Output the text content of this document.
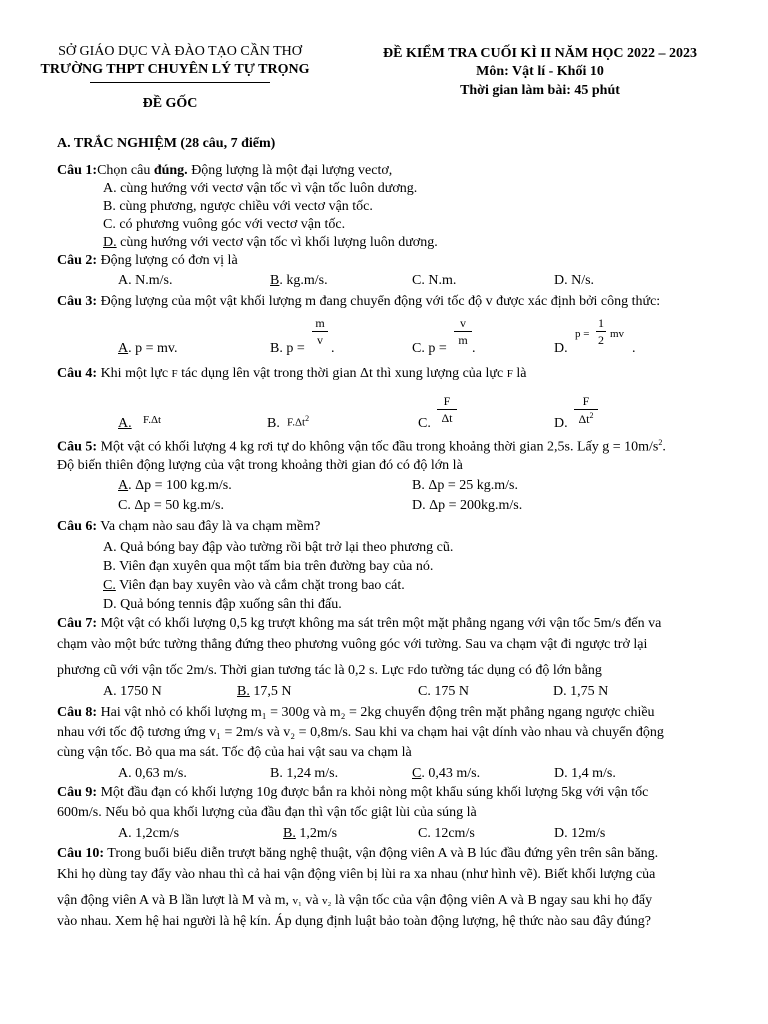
SỞ GIÁO DỤC VÀ ĐÀO TẠO CẦN THƠ
TRƯỜNG THPT CHUYÊN LÝ TỰ TRỌNG
ĐỀ GỐC
ĐỀ KIỂM TRA CUỐI KÌ II NĂM HỌC 2022 – 2023
Môn: Vật lí - Khối 10
Thời gian làm bài: 45 phút
A. TRẮC NGHIỆM (28 câu, 7 điểm)
Câu 1:Chọn câu đúng. Động lượng là một đại lượng vectơ,
A. cùng hướng với vectơ vận tốc vì vận tốc luôn dương.
B. cùng phương, ngược chiều với vectơ vận tốc.
C. có phương vuông góc với vectơ vận tốc.
D. cùng hướng với vectơ vận tốc vì khối lượng luôn dương.
Câu 2: Động lượng có đơn vị là
A. N.m/s.	B. kg.m/s.	C. N.m.	D. N/s.
Câu 3: Động lượng của một vật khối lượng m đang chuyển động với tốc độ v được xác định bởi công thức:
A. p = mv.	B. p =
m
v
.	C. p =
v
m
.	D.
p =
1
2 mv
.
Câu 4: Khi một lực F tác dụng lên vật trong thời gian Δt thì xung lượng của lực F là
A. F.Δt	B. $F.\Delta t^2$	C.
F
Δt	D.
F
$\Delta t^2$
Câu 5: Một vật có khối lượng 4 kg rơi tự do không vận tốc đầu trong khoảng thời gian 2,5s. Lấy $g = 10m/s^2$.
Độ biến thiên động lượng của vật trong khoảng thời gian đó có độ lớn là
A. Δp = 100 kg.m/s.	B. Δp = 25 kg.m/s.
C. Δp = 50 kg.m/s.	D. Δp = 200kg.m/s.
Câu 6: Va chạm nào sau đây là va chạm mềm?
A. Quả bóng bay đập vào tường rồi bật trở lại theo phương cũ.
B. Viên đạn xuyên qua một tấm bia trên đường bay của nó.
C. Viên đạn bay xuyên vào và cắm chặt trong bao cát.
D. Quả bóng tennis đập xuống sân thi đấu.
Câu 7: Một vật có khối lượng 0,5 kg trượt không ma sát trên một mặt phẳng ngang với vận tốc 5m/s đến va
chạm vào một bức tường thẳng đứng theo phương vuông góc với tường. Sau va chạm vật đi ngược trở lại
phương cũ với vận tốc 2m/s. Thời gian tương tác là 0,2 s. Lực Fdo tường tác dụng có độ lớn bằng
A. 1750 N	B. 17,5 N	C. 175 N	D. 1,75 N
Câu 8: Hai vật nhỏ có khối lượng m₁ = 300g và m₂ = 2kg chuyển động trên mặt phẳng ngang ngược chiều
nhau với tốc độ tương ứng v₁ = 2m/s và v₂ = 0,8m/s. Sau khi va chạm hai vật dính vào nhau và chuyển động
cùng vận tốc. Bỏ qua ma sát. Tốc độ của hai vật sau va chạm là
A. 0,63 m/s.	B. 1,24 m/s.	C. 0,43 m/s.	D. 1,4 m/s.
Câu 9: Một đầu đạn có khối lượng 10g được bắn ra khỏi nòng một khẩu súng khối lượng 5kg với vận tốc
600m/s. Nếu bỏ qua khối lượng của đầu đạn thì vận tốc giật lùi của súng là
A. 1,2cm/s	B. 1,2m/s	C. 12cm/s	D. 12m/s
Câu 10: Trong buổi biểu diễn trượt băng nghệ thuật, vận động viên A và B lúc đầu đứng yên trên sân băng.
Khi họ dùng tay đẩy vào nhau thì cả hai vận động viên bị lùi ra xa nhau (như hình vẽ). Biết khối lượng của
vận động viên A và B lần lượt là M và m, v₁ và v₂ là vận tốc của vận động viên A và B ngay sau khi họ đẩy
vào nhau. Xem hệ hai người là hệ kín. Áp dụng định luật bảo toàn động lượng, hệ thức nào sau đây đúng?
